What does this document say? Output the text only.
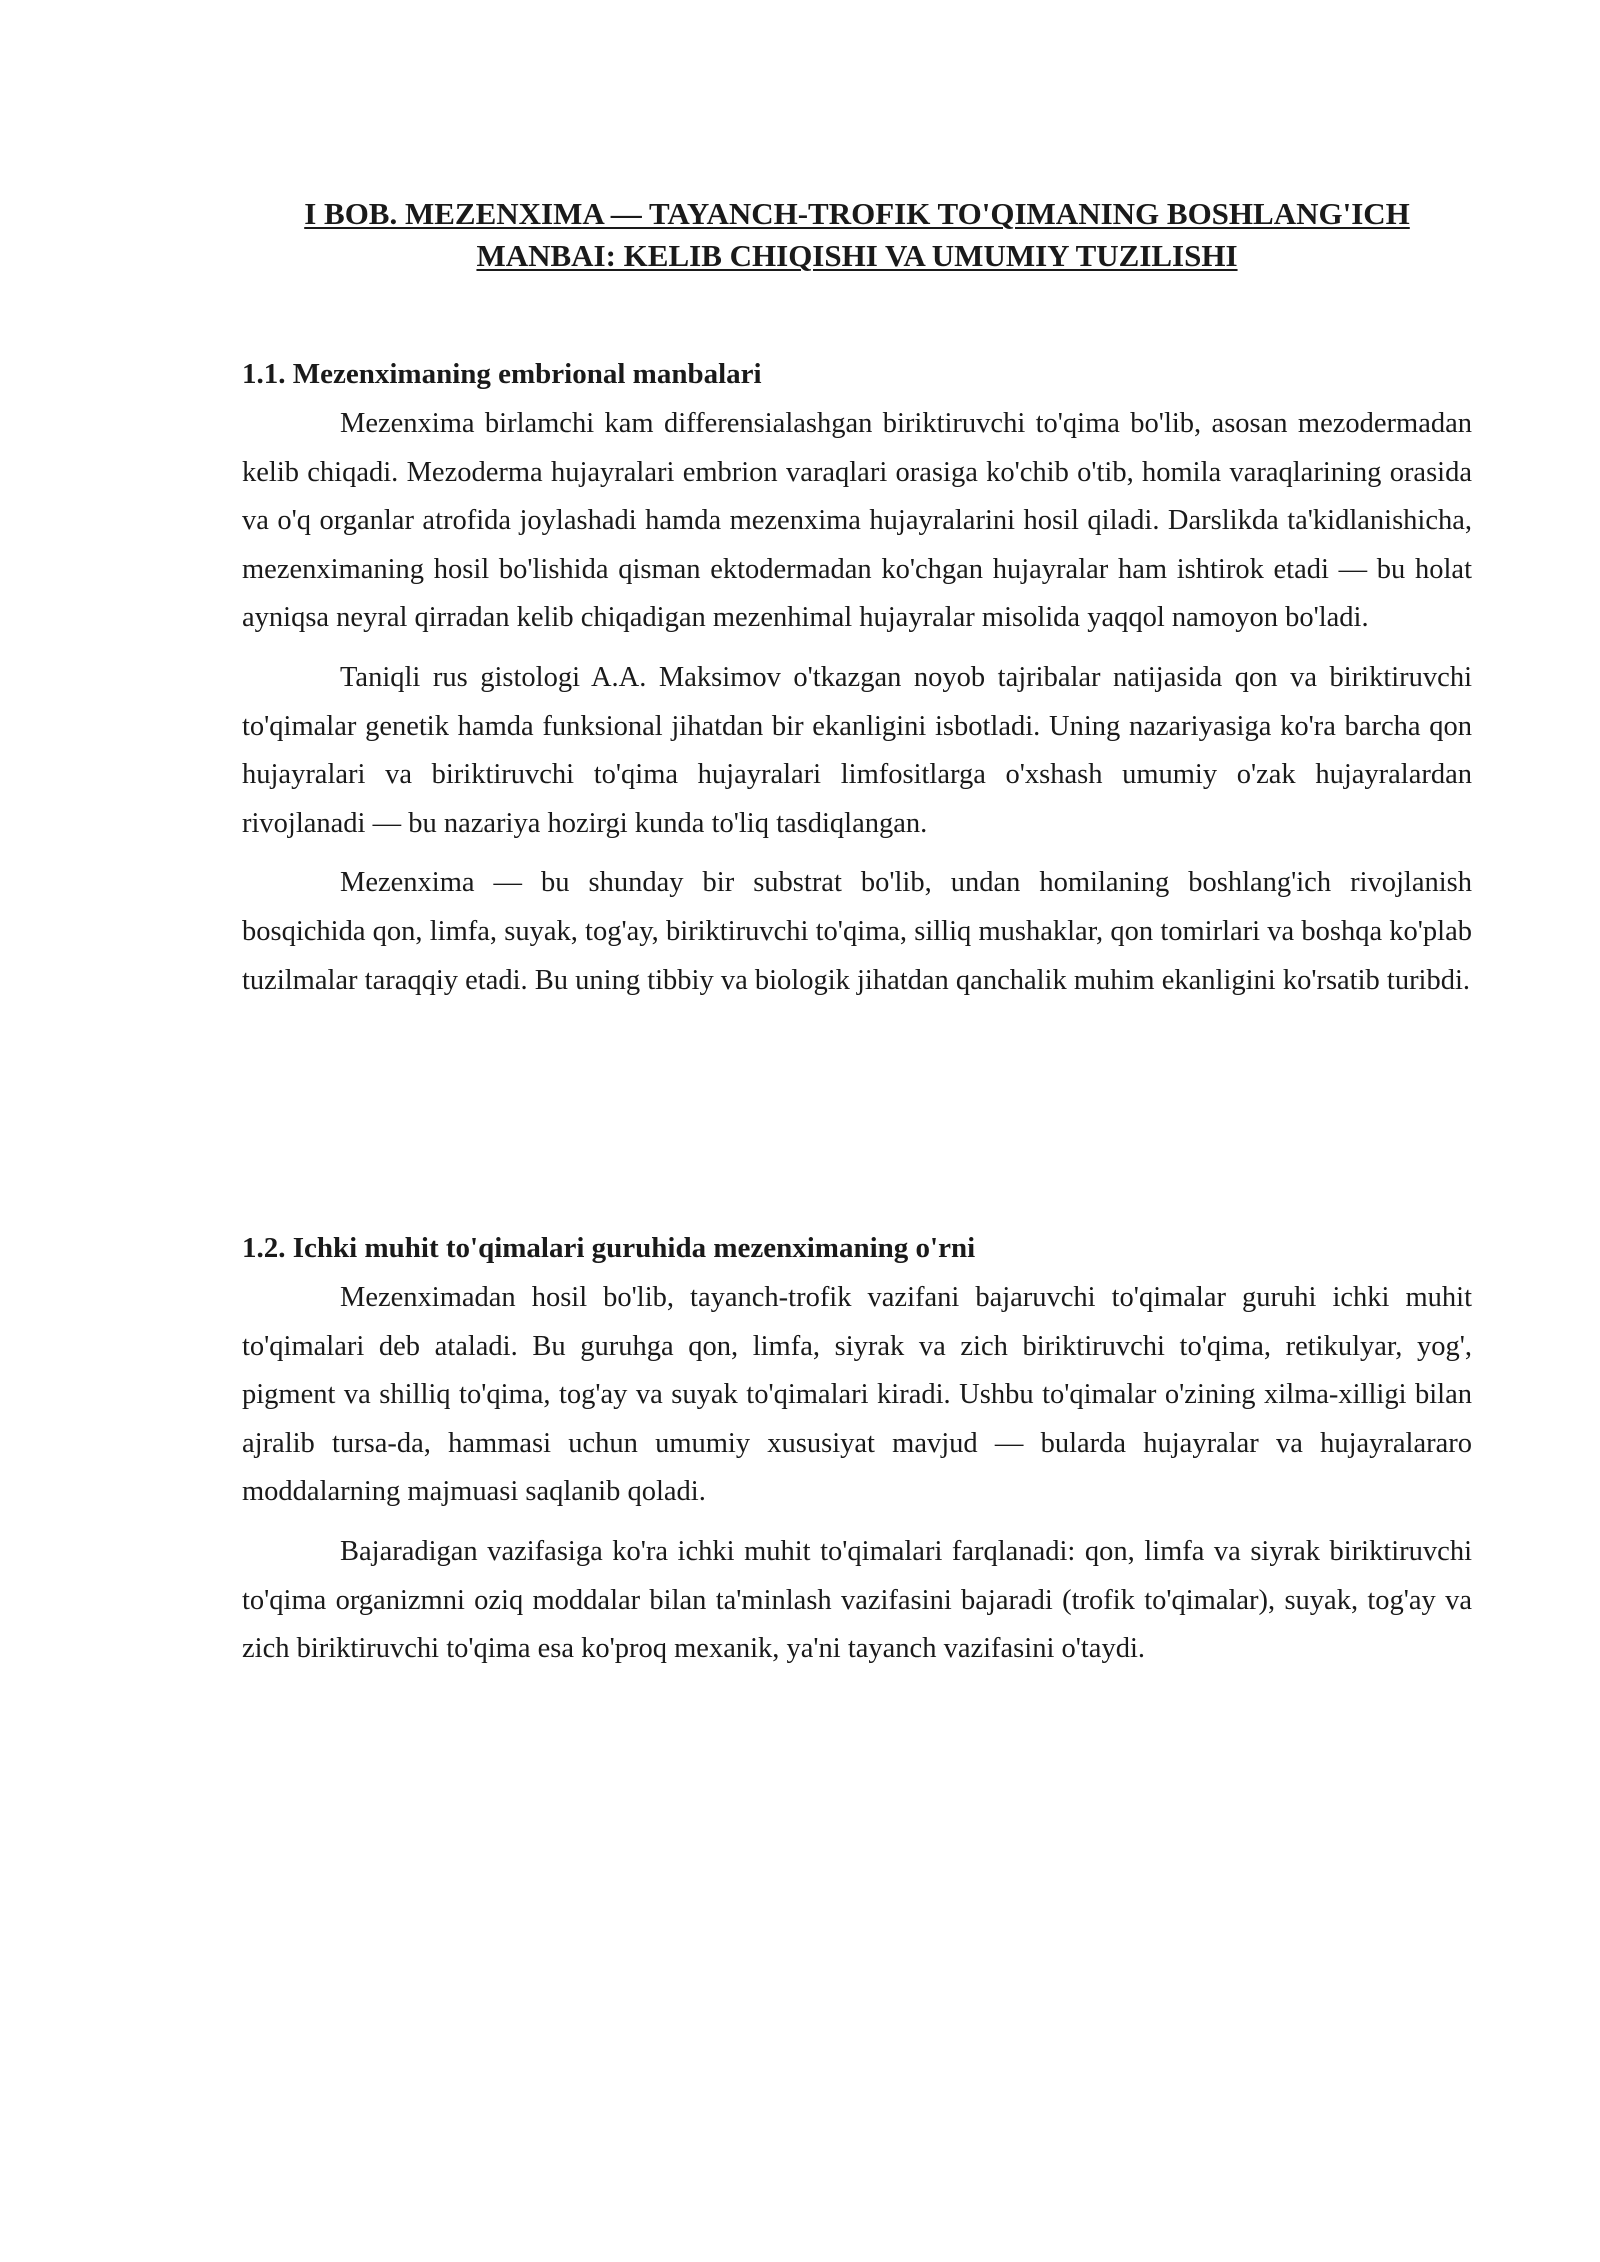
I BOB. MEZENXIMA — TAYANCH-TROFIK TO'QIMANING BOSHLANG'ICH MANBAI: KELIB CHIQISHI VA UMUMIY TUZILISHI

1.1. Mezenximaning embrional manbalari

Mezenxima birlamchi kam differensialashgan biriktiruvchi to'qima bo'lib, asosan mezodermadan kelib chiqadi. Mezoderma hujayralari embrion varaqlari orasiga ko'chib o'tib, homila varaqlarining orasida va o'q organlar atrofida joylashadi hamda mezenxima hujayralarini hosil qiladi. Darslikda ta'kidlanishicha, mezenximaning hosil bo'lishida qisman ektodermadan ko'chgan hujayralar ham ishtirok etadi — bu holat ayniqsa neyral qirradan kelib chiqadigan mezenhimal hujayralar misolida yaqqol namoyon bo'ladi.

Taniqli rus gistologi A.A. Maksimov o'tkazgan noyob tajribalar natijasida qon va biriktiruvchi to'qimalar genetik hamda funksional jihatdan bir ekanligini isbotladi. Uning nazariyasiga ko'ra barcha qon hujayralari va biriktiruvchi to'qima hujayralari limfositlarga o'xshash umumiy o'zak hujayralardan rivojlanadi — bu nazariya hozirgi kunda to'liq tasdiqlangan.

Mezenxima — bu shunday bir substrat bo'lib, undan homilaning boshlang'ich rivojlanish bosqichida qon, limfa, suyak, tog'ay, biriktiruvchi to'qima, silliq mushaklar, qon tomirlari va boshqa ko'plab tuzilmalar taraqqiy etadi. Bu uning tibbiy va biologik jihatdan qanchalik muhim ekanligini ko'rsatib turibdi.

1.2. Ichki muhit to'qimalari guruhida mezenximaning o'rni

Mezenximadan hosil bo'lib, tayanch-trofik vazifani bajaruvchi to'qimalar guruhi ichki muhit to'qimalari deb ataladi. Bu guruhga qon, limfa, siyrak va zich biriktiruvchi to'qima, retikulyar, yog', pigment va shilliq to'qima, tog'ay va suyak to'qimalari kiradi. Ushbu to'qimalar o'zining xilma-xilligi bilan ajralib tursa-da, hammasi uchun umumiy xususiyat mavjud — bularda hujayralar va hujayralararo moddalarning majmuasi saqlanib qoladi.

Bajaradigan vazifasiga ko'ra ichki muhit to'qimalari farqlanadi: qon, limfa va siyrak biriktiruvchi to'qima organizmni oziq moddalar bilan ta'minlash vazifasini bajaradi (trofik to'qimalar), suyak, tog'ay va zich biriktiruvchi to'qima esa ko'proq mexanik, ya'ni tayanch vazifasini o'taydi.
